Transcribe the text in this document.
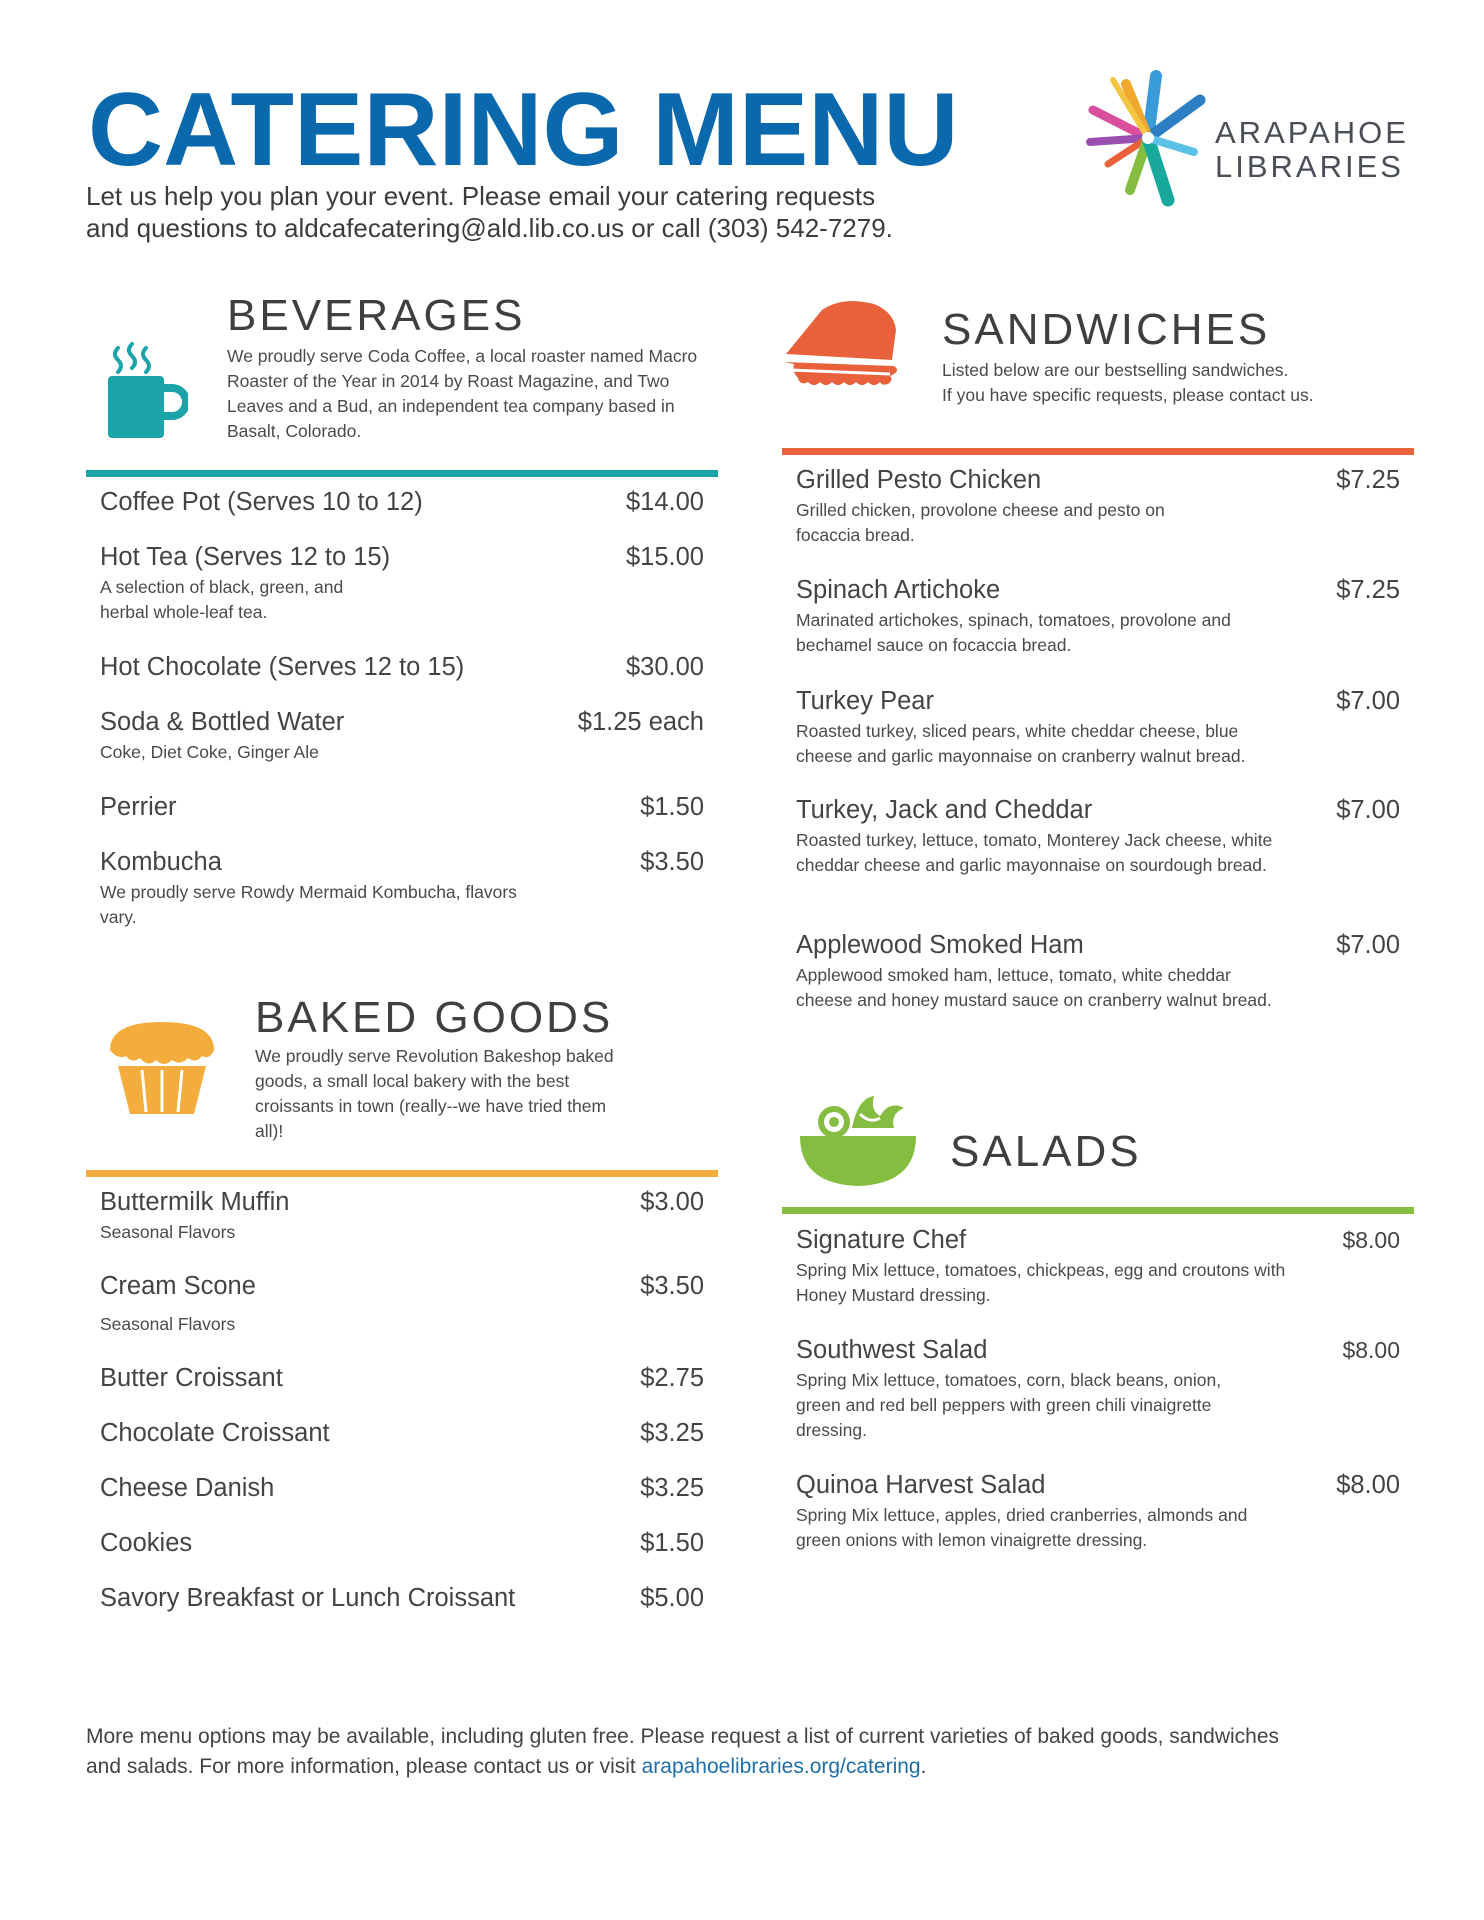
CATERING MENU
Let us help you plan your event. Please email your catering requests
and questions to aldcafecatering@ald.lib.co.us or call (303) 542-7279.
ARAPAHOE
LIBRARIES
BEVERAGES
We proudly serve Coda Coffee, a local roaster named Macro Roaster of the Year in 2014 by Roast Magazine, and Two Leaves and a Bud, an independent tea company based in Basalt, Colorado.
Coffee Pot (Serves 10 to 12)	$14.00
Hot Tea (Serves 12 to 15)	$15.00
A selection of black, green, and herbal whole-leaf tea.
Hot Chocolate (Serves 12 to 15)	$30.00
Soda & Bottled Water	$1.25 each
Coke, Diet Coke, Ginger Ale
Perrier	$1.50
Kombucha	$3.50
We proudly serve Rowdy Mermaid Kombucha, flavors vary.
BAKED GOODS
We proudly serve Revolution Bakeshop baked goods, a small local bakery with the best croissants in town (really--we have tried them all)!
Buttermilk Muffin	$3.00
Seasonal Flavors
Cream Scone	$3.50
Seasonal Flavors
Butter Croissant	$2.75
Chocolate Croissant	$3.25
Cheese Danish	$3.25
Cookies	$1.50
Savory Breakfast or Lunch Croissant	$5.00
SANDWICHES
Listed below are our bestselling sandwiches.
If you have specific requests, please contact us.
Grilled Pesto Chicken	$7.25
Grilled chicken, provolone cheese and pesto on focaccia bread.
Spinach Artichoke	$7.25
Marinated artichokes, spinach, tomatoes, provolone and bechamel sauce on focaccia bread.
Turkey Pear	$7.00
Roasted turkey, sliced pears, white cheddar cheese, blue cheese and garlic mayonnaise on cranberry walnut bread.
Turkey, Jack and Cheddar	$7.00
Roasted turkey, lettuce, tomato, Monterey Jack cheese, white cheddar cheese and garlic mayonnaise on sourdough bread.
Applewood Smoked Ham	$7.00
Applewood smoked ham, lettuce, tomato, white cheddar cheese and honey mustard sauce on cranberry walnut bread.
SALADS
Signature Chef	$8.00
Spring Mix lettuce, tomatoes, chickpeas, egg and croutons with Honey Mustard dressing.
Southwest Salad	$8.00
Spring Mix lettuce, tomatoes, corn, black beans, onion, green and red bell peppers with green chili vinaigrette dressing.
Quinoa Harvest Salad	$8.00
Spring Mix lettuce, apples, dried cranberries, almonds and green onions with lemon vinaigrette dressing.
More menu options may be available, including gluten free. Please request a list of current varieties of baked goods, sandwiches
and salads. For more information, please contact us or visit arapahoelibraries.org/catering.
